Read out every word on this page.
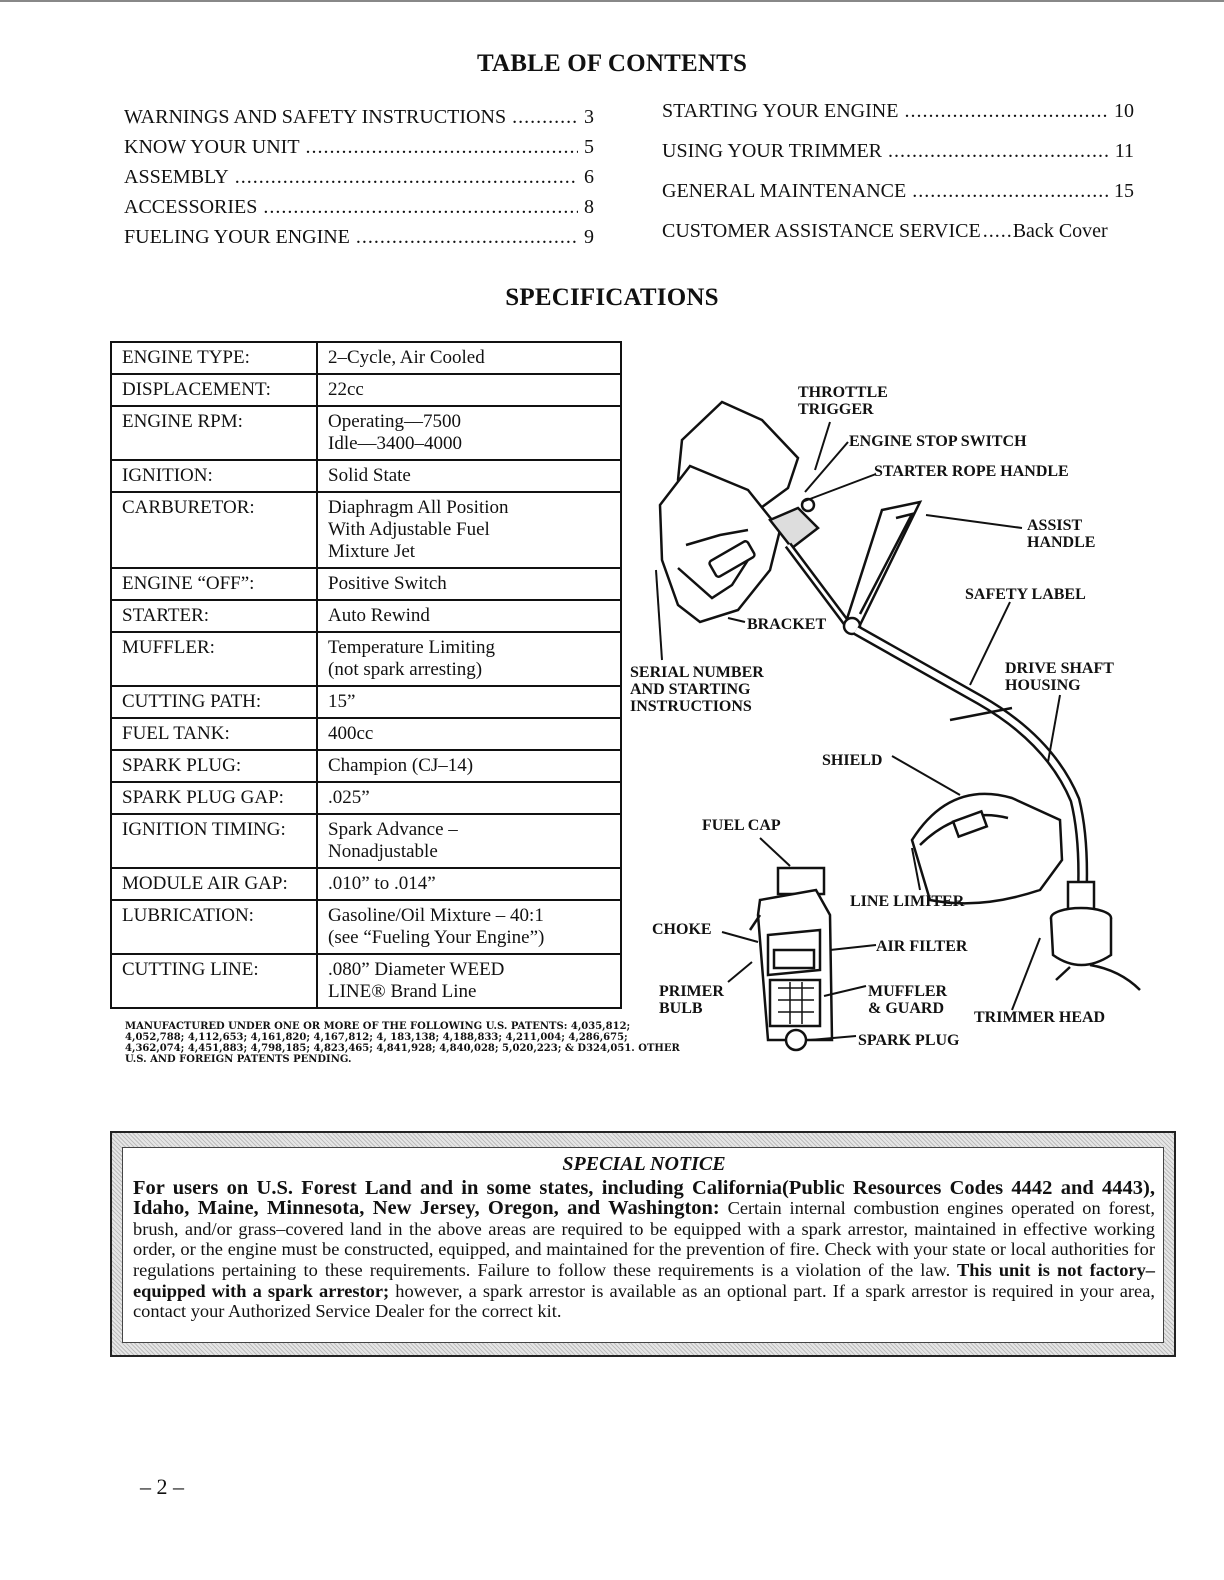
TABLE OF CONTENTS
WARNINGS AND SAFETY INSTRUCTIONS .....	3
KNOW YOUR UNIT .....	5
ASSEMBLY .....	6
ACCESSORIES .....	8
FUELING YOUR ENGINE .....	9
STARTING YOUR ENGINE .....	10
USING YOUR TRIMMER .....	11
GENERAL MAINTENANCE .....	15
CUSTOMER ASSISTANCE SERVICE ..... Back Cover
SPECIFICATIONS
ENGINE TYPE:	2–Cycle, Air Cooled
DISPLACEMENT:	22cc
ENGINE RPM:	Operating––7500
Idle––3400–4000
IGNITION:	Solid State
CARBURETOR:	Diaphragm All Position
With Adjustable Fuel
Mixture Jet
ENGINE “OFF”:	Positive Switch
STARTER:	Auto Rewind
MUFFLER:	Temperature Limiting
(not spark arresting)
CUTTING PATH:	15”
FUEL TANK:	400cc
SPARK PLUG:	Champion (CJ–14)
SPARK PLUG GAP:	.025”
IGNITION TIMING:	Spark Advance –
Nonadjustable
MODULE AIR GAP:	.010” to .014”
LUBRICATION:	Gasoline/Oil Mixture – 40:1
(see “Fueling Your Engine”)
CUTTING LINE:	.080” Diameter WEED
LINE® Brand Line
MANUFACTURED UNDER ONE OR MORE OF THE FOLLOWING U.S. PATENTS: 4,035,812; 4,052,788; 4,112,653; 4,161,820; 4,167,812; 4, 183,138; 4,188,833; 4,211,004; 4,286,675; 4,362,074; 4,451,883; 4,798,185; 4,823,465; 4,841,928; 4,840,028; 5,020,223; & D324,051. OTHER U.S. AND FOREIGN PATENTS PENDING.
THROTTLE
TRIGGER
ENGINE STOP SWITCH
STARTER ROPE HANDLE
ASSIST
HANDLE
SAFETY LABEL
BRACKET
SERIAL NUMBER
AND STARTING
INSTRUCTIONS
DRIVE SHAFT
HOUSING
SHIELD
FUEL CAP
LINE LIMITER
CHOKE
AIR FILTER
PRIMER
BULB
MUFFLER
& GUARD
TRIMMER HEAD
SPARK PLUG
SPECIAL NOTICE
For users on U.S. Forest Land and in some states, including California(Public Resources Codes 4442 and 4443), Idaho, Maine, Minnesota, New Jersey, Oregon, and Washington: Certain internal combustion engines operated on forest, brush, and/or grass–covered land in the above areas are required to be equipped with a spark arrestor, maintained in effective working order, or the engine must be constructed, equipped, and maintained for the prevention of fire. Check with your state or local authorities for regulations pertaining to these requirements. Failure to follow these requirements is a violation of the law. This unit is not factory–equipped with a spark arrestor; however, a spark arrestor is available as an optional part. If a spark arrestor is required in your area, contact your Authorized Service Dealer for the correct kit.
– 2 –
